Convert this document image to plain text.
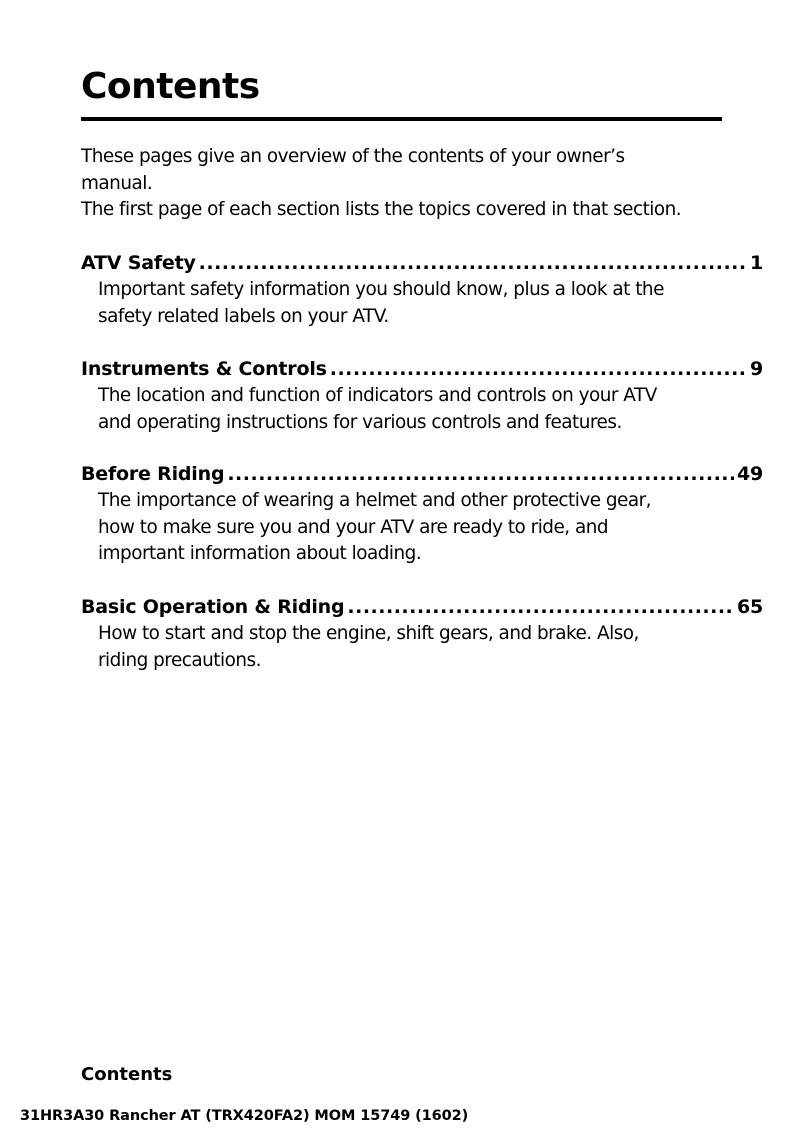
Contents

These pages give an overview of the contents of your owner’s

manual.

The first page of each section lists the topics covered in that section.

ATV Safety .....	1

Important safety information you should know, plus a look at the

safety related labels on your ATV.

Instruments & Controls .....	9

The location and function of indicators and controls on your ATV

and operating instructions for various controls and features.

Before Riding .....	49

The importance of wearing a helmet and other protective gear,

how to make sure you and your ATV are ready to ride, and

important information about loading.

Basic Operation & Riding .....	65

How to start and stop the engine, shift gears, and brake. Also,

riding precautions.

Contents
31HR3A30 Rancher AT (TRX420FA2) MOM 15749 (1602)
